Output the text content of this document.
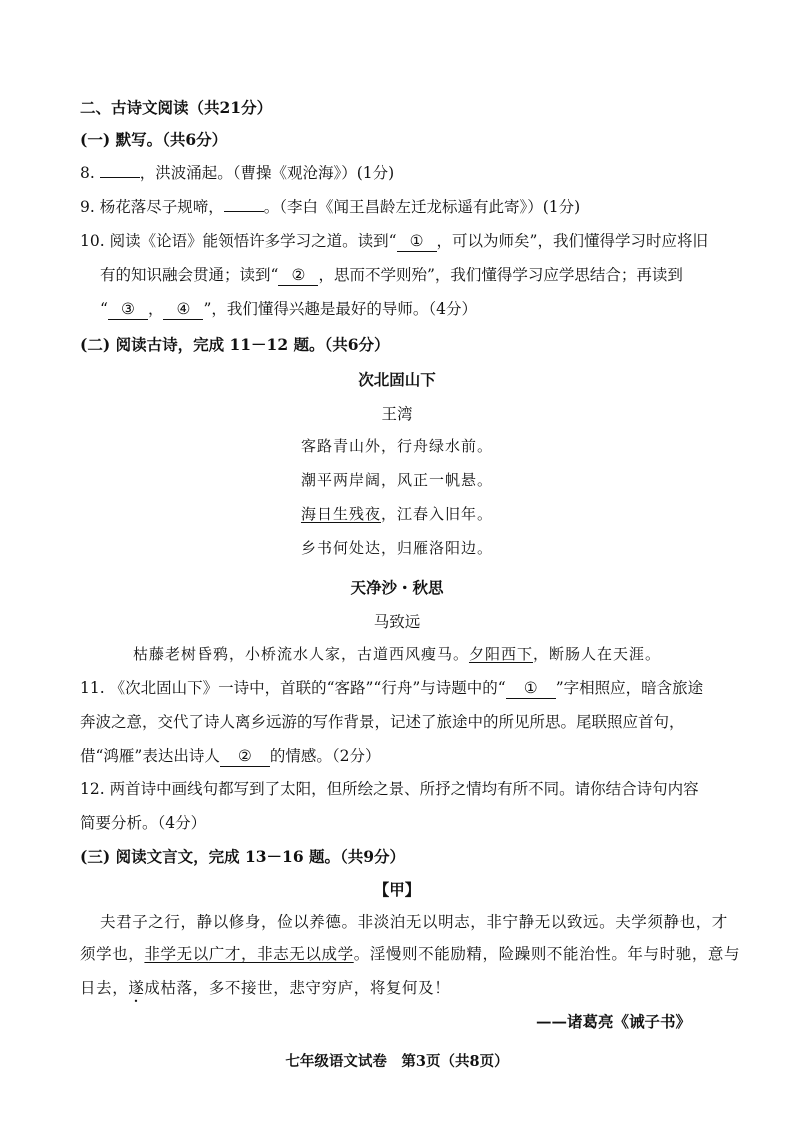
二、古诗文阅读（共21分）
(一) 默写。（共6分）
8.	，洪波涌起。（曹操《观沧海》）(1分)
9. 杨花落尽子规啼，	。（李白《闻王昌龄左迁龙标遥有此寄》）(1分)
10. 阅读《论语》能领悟许多学习之道。读到“ ① ，可以为师矣”，我们懂得学习时应将旧
有的知识融会贯通；读到“ ② ，思而不学则殆”，我们懂得学习应学思结合；再读到
“ ③ ， ④ ”，我们懂得兴趣是最好的导师。（4分）
(二) 阅读古诗，完成 11－12 题。（共6分）
次北固山下
王湾
客路青山外，行舟绿水前。
潮平两岸阔，风正一帆悬。
海日生残夜，江春入旧年。
乡书何处达，归雁洛阳边。
天净沙・秋思
马致远
枯藤老树昏鸦，小桥流水人家，古道西风瘦马。夕阳西下，断肠人在天涯。
11. 《次北固山下》一诗中，首联的“客路”“行舟”与诗题中的“ ① ”字相照应，暗含旅途
奔波之意，交代了诗人离乡远游的写作背景，记述了旅途中的所见所思。尾联照应首句，
借“鸿雁”表达出诗人 ② 的情感。（2分）
12. 两首诗中画线句都写到了太阳，但所绘之景、所抒之情均有所不同。请你结合诗句内容
简要分析。（4分）
(三) 阅读文言文，完成 13－16 题。（共9分）
【甲】
夫君子之行，静以修身，俭以养德。非淡泊无以明志，非宁静无以致远。夫学须静也，才
须学也，非学无以广才，非志无以成学。淫慢则不能励精，险躁则不能治性。年与时驰，意与
日去，遂成枯落，多不接世，悲守穷庐，将复何及！
——诸葛亮《诫子书》
七年级语文试卷　第3页（共8页）
